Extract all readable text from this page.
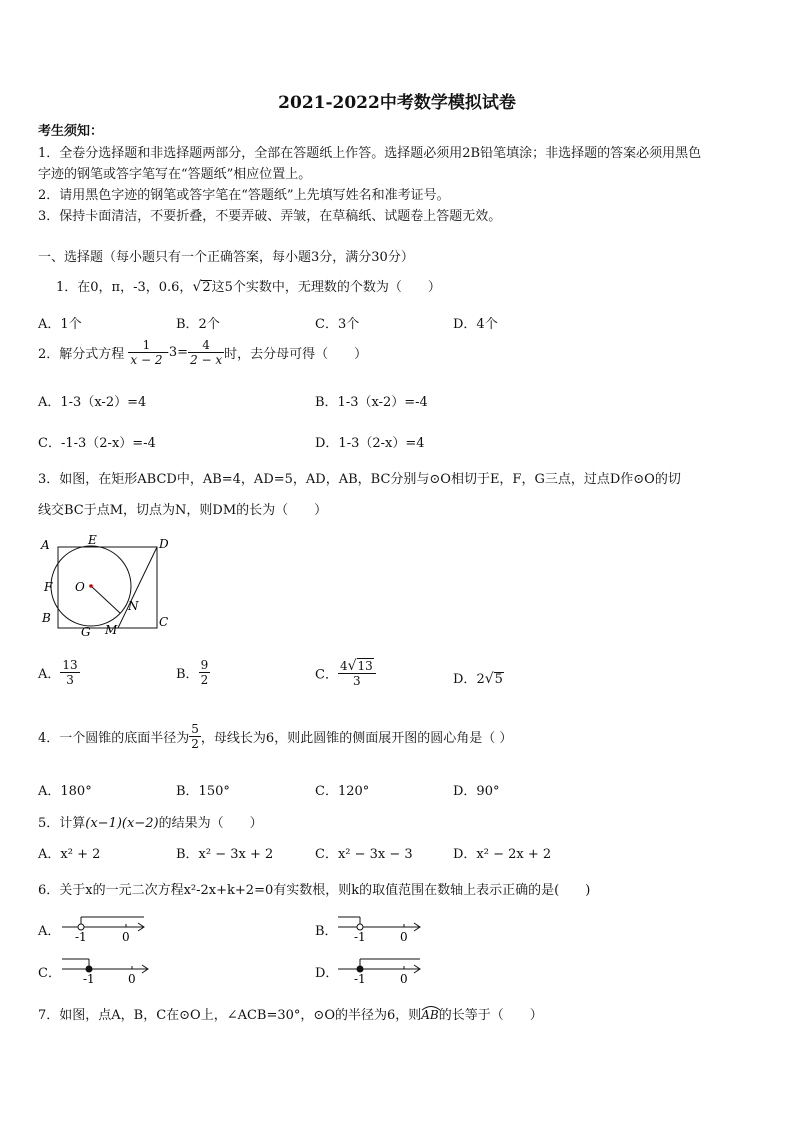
2021-2022中考数学模拟试卷
考生须知：
1．全卷分选择题和非选择题两部分，全部在答题纸上作答。选择题必须用2B铅笔填涂；非选择题的答案必须用黑色
字迹的钢笔或答字笔写在“答题纸”相应位置上。
2．请用黑色字迹的钢笔或答字笔在“答题纸”上先填写姓名和准考证号。
3．保持卡面清洁，不要折叠，不要弄破、弄皱，在草稿纸、试题卷上答题无效。
一、选择题（每小题只有一个正确答案，每小题3分，满分30分）
1．在0，π，-3，0.6，√2这5个实数中，无理数的个数为（　　）
A．1个	B．2个	C．3个	D．4个
2．解分式方程 $\frac{1}{x - 2} -3= \frac{4}{2 - x}$ 时，去分母可得（　　）
A．1-3（x-2）=4	B．1-3（x-2）=-4
C．-1-3（2-x）=-4	D．1-3（2-x）=4
3．如图，在矩形ABCD中，AB=4，AD=5，AD，AB，BC分别与⊙O相切于E，F，G三点，过点D作⊙O的切
线交BC于点M，切点为N，则DM的长为（　　）
A	E	D
F O
N
B	C
G M
A． $\frac{13}{3}$	B． $\frac{9}{2}$	C． $\frac{4√13}{3}$	D．2√5
4．一个圆锥的底面半径为 $\frac{5}{2}$ ，母线长为6，则此圆锥的侧面展开图的圆心角是（ ）
A．180°	B．150°	C．120°	D．90°
5．计算(x−1)(x−2)的结果为（　　）
A．x² + 2	B．x² − 3x + 2	C．x² − 3x − 3	D．x² − 2x + 2
6．关于x的一元二次方程x²-2x+k+2=0有实数根，则k的取值范围在数轴上表示正确的是(　　)
A． -1	0	B． -1	0
C． -1	0	D． -1	0
7．如图，点A，B，C在⊙O上，∠ACB=30°，⊙O的半径为6，则AB
的长等于（　　）
